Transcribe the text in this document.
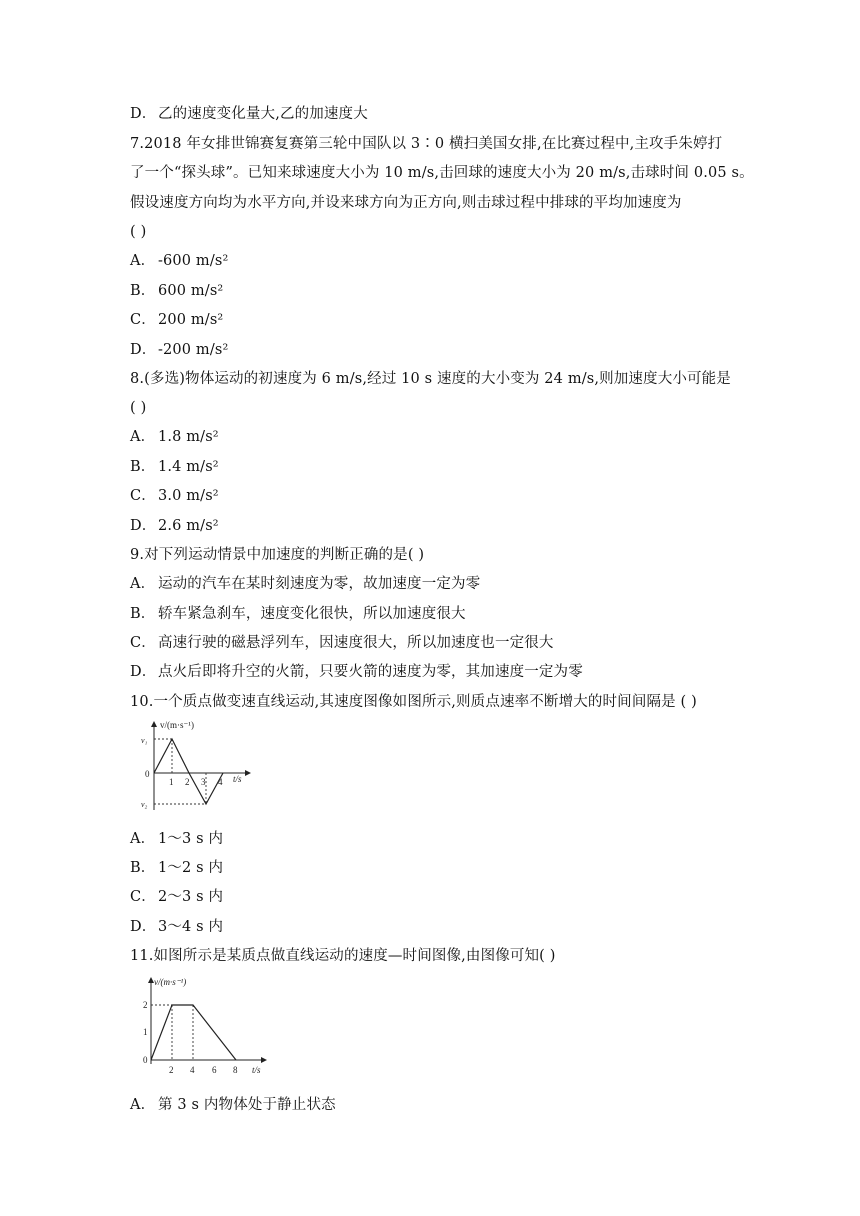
D． 乙的速度变化量大,乙的加速度大
7.2018 年女排世锦赛复赛第三轮中国队以 3∶0 横扫美国女排,在比赛过程中,主攻手朱婷打
了一个“探头球”。已知来球速度大小为 10 m/s,击回球的速度大小为 20 m/s,击球时间 0.05 s。
假设速度方向均为水平方向,并设来球方向为正方向,则击球过程中排球的平均加速度为
( )
A． -600 m/s²
B． 600 m/s²
C． 200 m/s²
D． -200 m/s²
8.(多选)物体运动的初速度为 6 m/s,经过 10 s 速度的大小变为 24 m/s,则加速度大小可能是
( )
A． 1.8 m/s²
B． 1.4 m/s²
C． 3.0 m/s²
D． 2.6 m/s²
9.对下列运动情景中加速度的判断正确的是( )
A． 运动的汽车在某时刻速度为零，故加速度一定为零
B． 轿车紧急刹车，速度变化很快，所以加速度很大
C． 高速行驶的磁悬浮列车，因速度很大，所以加速度也一定很大
D． 点火后即将升空的火箭，只要火箭的速度为零，其加速度一定为零
10.一个质点做变速直线运动,其速度图像如图所示,则质点速率不断增大的时间间隔是 ( )
v/(m·s⁻¹)
t/s
v₁
0
v₂
1 2 3 4
A． 1～3 s 内
B． 1～2 s 内
C． 2～3 s 内
D． 3～4 s 内
11.如图所示是某质点做直线运动的速度—时间图像,由图像可知( )
v/(m·s⁻¹)
t/s
0
1
2
2 4 6 8
A． 第 3 s 内物体处于静止状态
